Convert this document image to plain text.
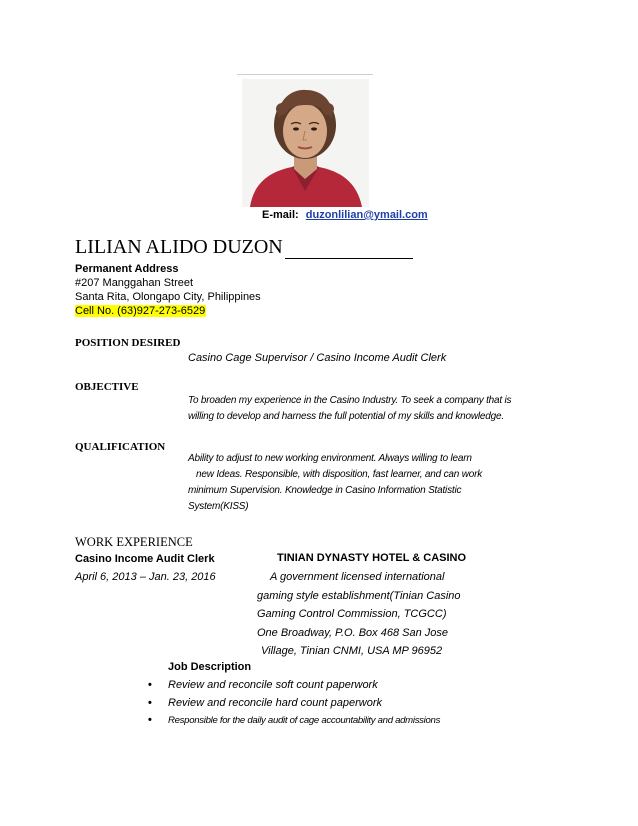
E-mail: duzonlilian@ymail.com
LILIAN ALIDO DUZON
Permanent Address
#207 Manggahan Street
Santa Rita, Olongapo City, Philippines
Cell No. (63)927-273-6529
POSITION DESIRED
Casino Cage Supervisor / Casino Income Audit Clerk
OBJECTIVE
To broaden my experience in the Casino Industry. To seek a company that is
willing to develop and harness the full potential of my skills and knowledge.
QUALIFICATION
Ability to adjust to new working environment. Always willing to learn
new Ideas. Responsible, with disposition, fast learner, and can work
minimum Supervision. Knowledge in Casino Information Statistic
System(KISS)
WORK EXPERIENCE
Casino Income Audit Clerk	TINIAN DYNASTY HOTEL & CASINO
April 6, 2013 – Jan. 23, 2016	A government licensed international
gaming style establishment(Tinian Casino
Gaming Control Commission, TCGCC)
One Broadway, P.O. Box 468 San Jose
Village, Tinian CNMI, USA MP 96952
Job Description
• Review and reconcile soft count paperwork
• Review and reconcile hard count paperwork
• Responsible for the daily audit of cage accountability and admissions
